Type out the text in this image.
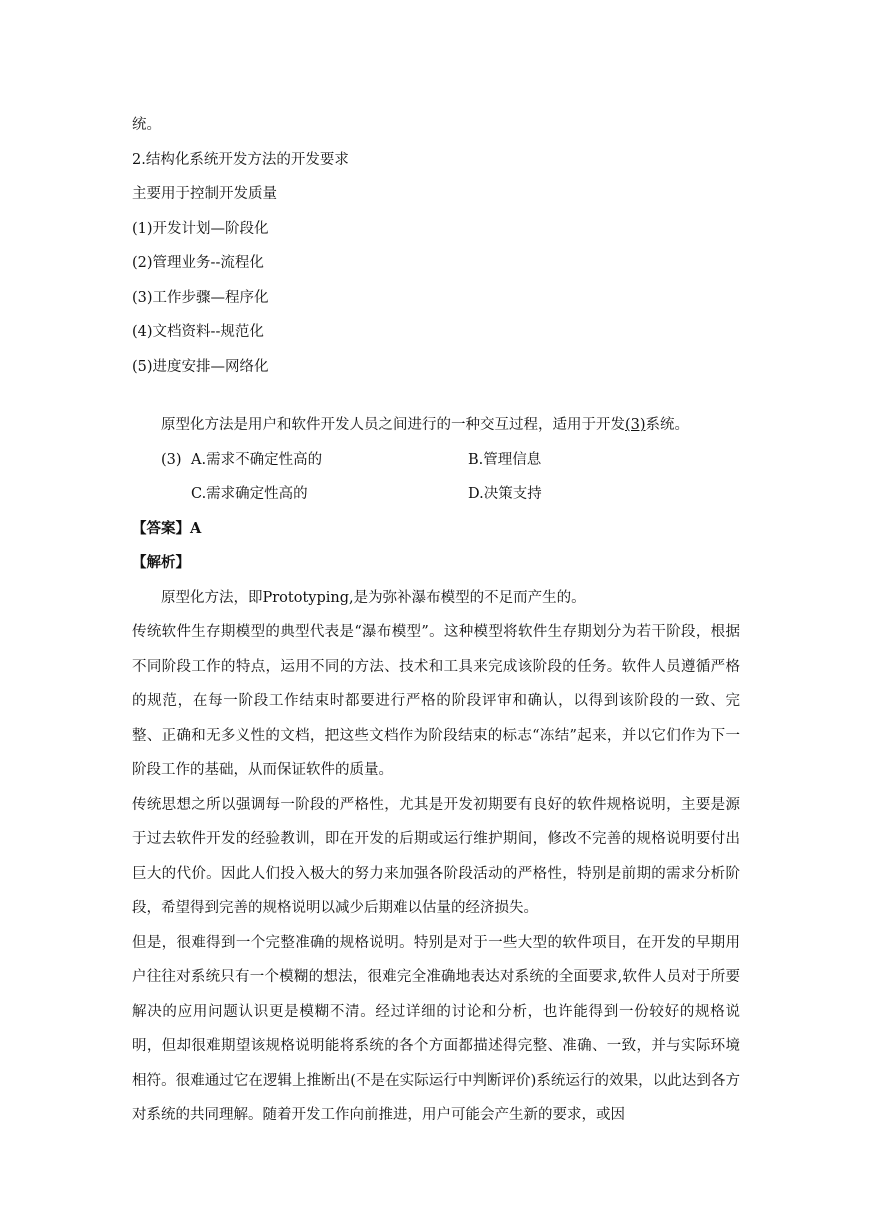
统。
2.结构化系统开发方法的开发要求
主要用于控制开发质量
(1)开发计划—阶段化
(2)管理业务--流程化
(3)工作步骤—程序化
(4)文档资料--规范化
(5)进度安排—网络化
原型化方法是用户和软件开发人员之间进行的一种交互过程，适用于开发(3)系统。
(3) A.需求不确定性高的	B.管理信息
C.需求确定性高的	D.决策支持
【答案】A
【解析】
原型化方法，即Prototyping,是为弥补瀑布模型的不足而产生的。
传统软件生存期模型的典型代表是“瀑布模型”。这种模型将软件生存期划分为若干阶段，根据不同阶段工作的特点，运用不同的方法、技术和工具来完成该阶段的任务。软件人员遵循严格的规范，在每一阶段工作结束时都要进行严格的阶段评审和确认，以得到该阶段的一致、完整、正确和无多义性的文档，把这些文档作为阶段结束的标志“冻结”起来，并以它们作为下一阶段工作的基础，从而保证软件的质量。
传统思想之所以强调每一阶段的严格性，尤其是开发初期要有良好的软件规格说明，主要是源于过去软件开发的经验教训，即在开发的后期或运行维护期间，修改不完善的规格说明要付出巨大的代价。因此人们投入极大的努力来加强各阶段活动的严格性，特别是前期的需求分析阶段，希望得到完善的规格说明以减少后期难以估量的经济损失。
但是，很难得到一个完整准确的规格说明。特别是对于一些大型的软件项目，在开发的早期用户往往对系统只有一个模糊的想法，很难完全准确地表达对系统的全面要求,软件人员对于所要解决的应用问题认识更是模糊不清。经过详细的讨论和分析，也许能得到一份较好的规格说明，但却很难期望该规格说明能将系统的各个方面都描述得完整、准确、一致，并与实际环境相符。很难通过它在逻辑上推断出(不是在实际运行中判断评价)系统运行的效果，以此达到各方对系统的共同理解。随着开发工作向前推进，用户可能会产生新的要求，或因
